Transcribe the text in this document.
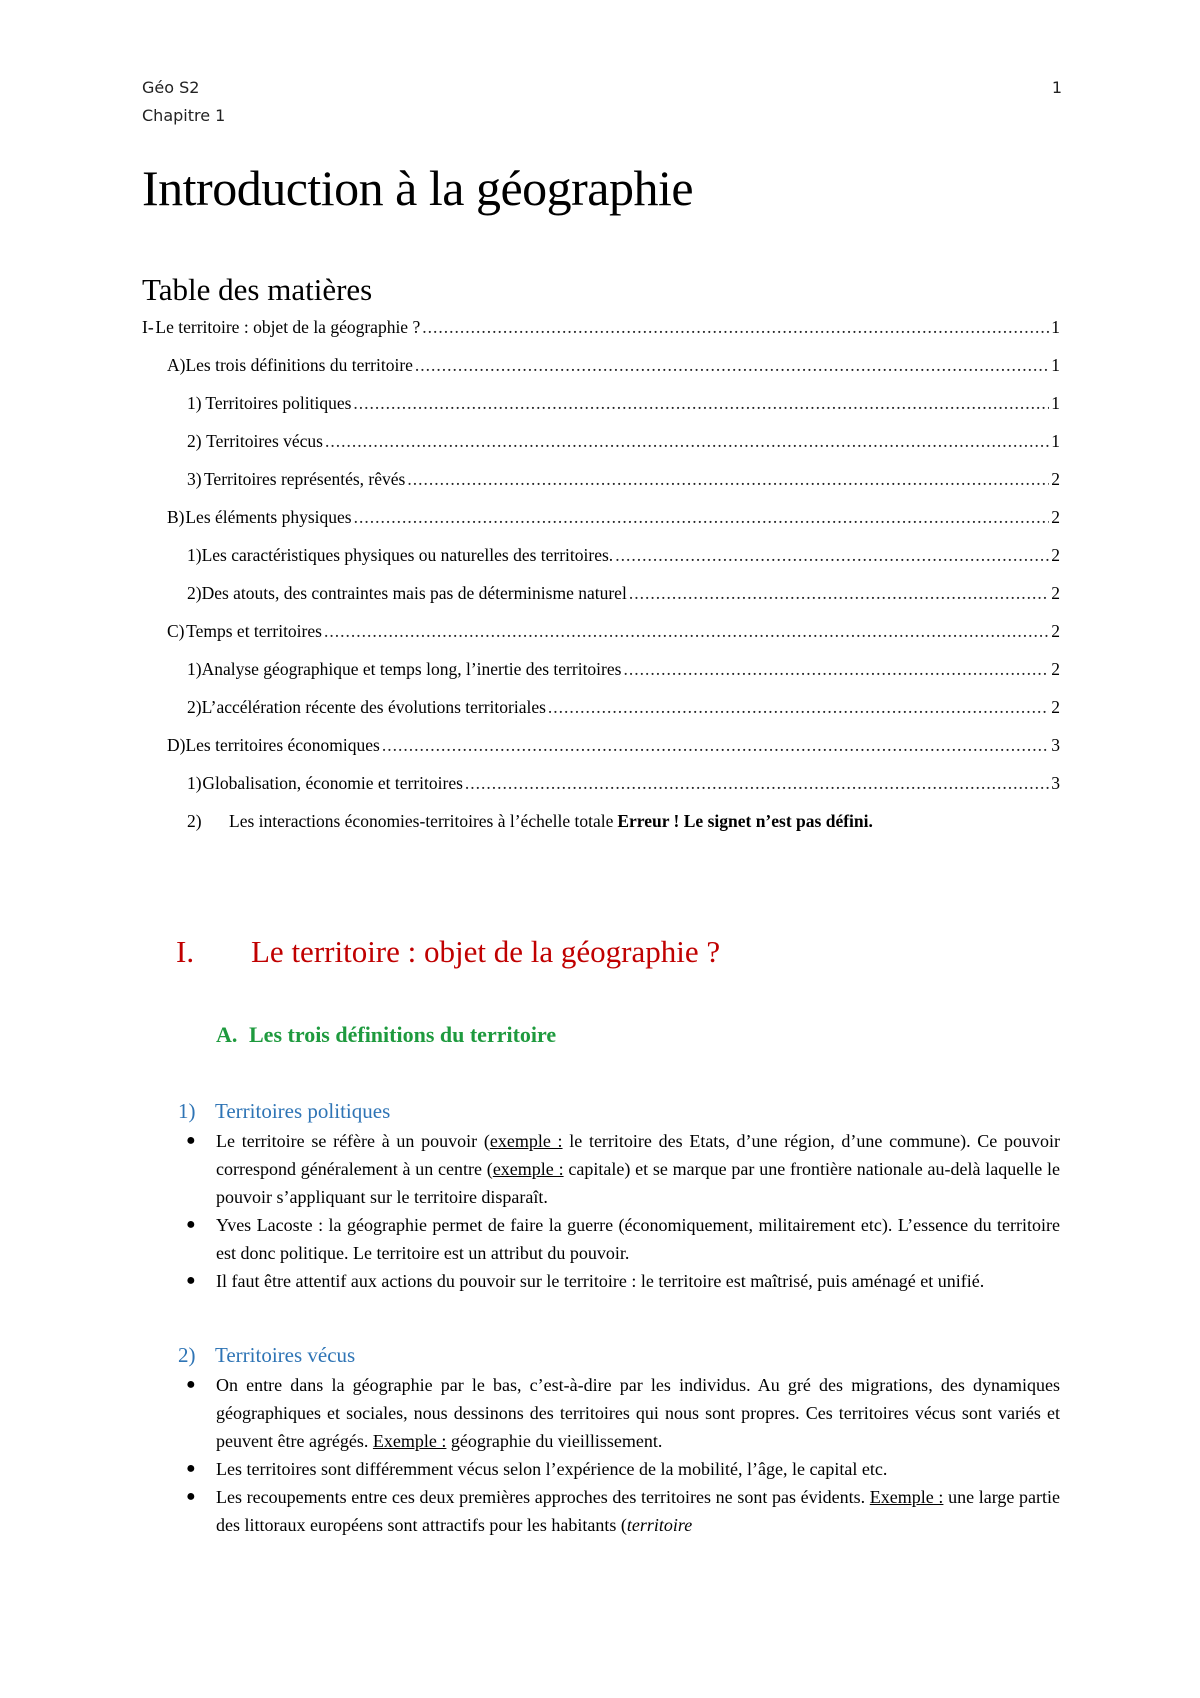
Géo S2
Chapitre 1
1
Introduction à la géographie
Table des matières
I- Le territoire : objet de la géographie ? .....	1
A) Les trois définitions du territoire .....	1
1) Territoires politiques .....	1
2) Territoires vécus .....	1
3) Territoires représentés, rêvés .....	2
B) Les éléments physiques .....	2
1) Les caractéristiques physiques ou naturelles des territoires. .....	2
2) Des atouts, des contraintes mais pas de déterminisme naturel .....	2
C) Temps et territoires .....	2
1) Analyse géographique et temps long, l’inertie des territoires .....	2
2) L’accélération récente des évolutions territoriales .....	2
D) Les territoires économiques .....	3
1) Globalisation, économie et territoires .....	3
2)	Les interactions économies-territoires à l’échelle totale Erreur ! Le signet n’est pas défini.
I. Le territoire : objet de la géographie ?
A. Les trois définitions du territoire
1) Territoires politiques
● Le territoire se réfère à un pouvoir (exemple : le territoire des Etats, d’une région, d’une commune). Ce pouvoir correspond généralement à un centre (exemple : capitale) et se marque par une frontière nationale au-delà laquelle le pouvoir s’appliquant sur le territoire disparaît.
● Yves Lacoste : la géographie permet de faire la guerre (économiquement, militairement etc). L’essence du territoire est donc politique. Le territoire est un attribut du pouvoir.
● Il faut être attentif aux actions du pouvoir sur le territoire : le territoire est maîtrisé, puis aménagé et unifié.
2) Territoires vécus
● On entre dans la géographie par le bas, c’est-à-dire par les individus. Au gré des migrations, des dynamiques géographiques et sociales, nous dessinons des territoires qui nous sont propres. Ces territoires vécus sont variés et peuvent être agrégés. Exemple : géographie du vieillissement.
● Les territoires sont différemment vécus selon l’expérience de la mobilité, l’âge, le capital etc.
● Les recoupements entre ces deux premières approches des territoires ne sont pas évidents. Exemple : une large partie des littoraux européens sont attractifs pour les habitants (territoire
